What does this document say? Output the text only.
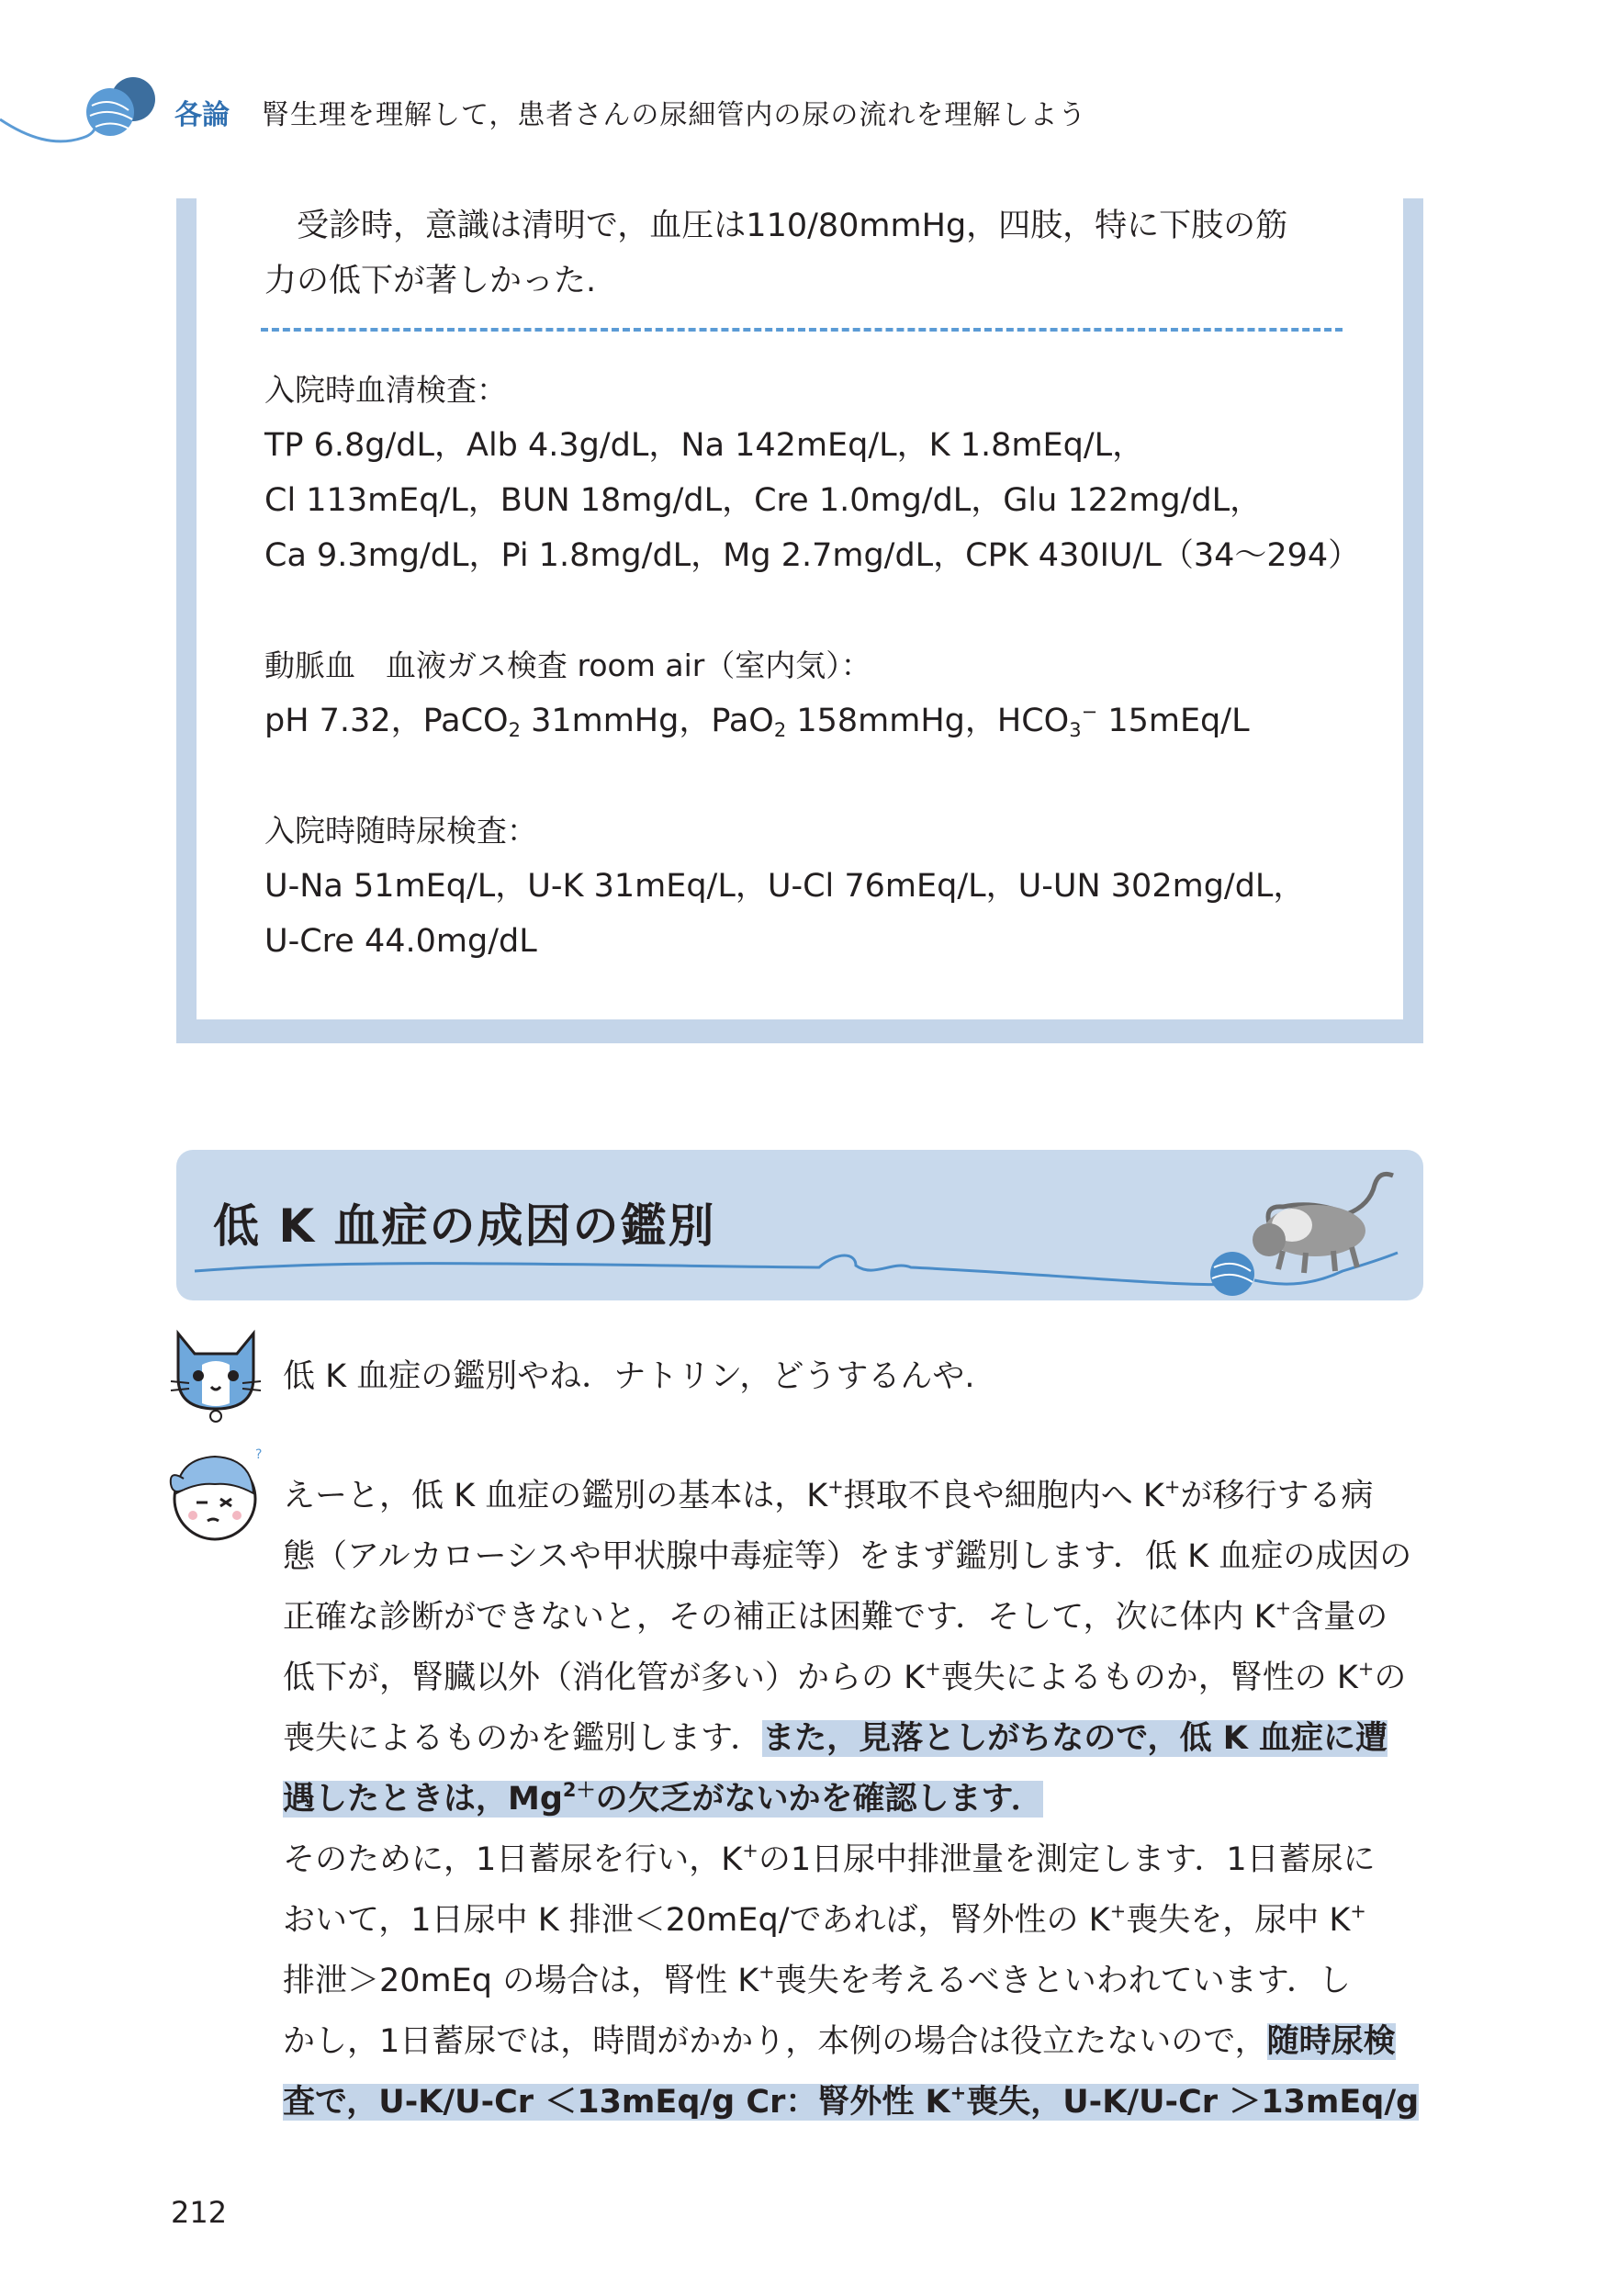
各論 腎生理を理解して，患者さんの尿細管内の尿の流れを理解しよう
　受診時，意識は清明で，血圧は110/80mmHg，四肢，特に下肢の筋
力の低下が著しかった.
入院時血清検査：
TP 6.8g/dL，Alb 4.3g/dL，Na 142mEq/L，K 1.8mEq/L，
Cl 113mEq/L，BUN 18mg/dL，Cre 1.0mg/dL，Glu 122mg/dL，
Ca 9.3mg/dL，Pi 1.8mg/dL，Mg 2.7mg/dL，CPK 430IU/L（34～294）
動脈血　血液ガス検査 room air（室内気）：
pH 7.32，PaCO$_2$ 31mmHg，PaO$_2$ 158mmHg，$HCO_3^-$ 15mEq/L
入院時随時尿検査：
U-Na 51mEq/L，U-K 31mEq/L，U-Cl 76mEq/L，U-UN 302mg/dL，
U-Cre 44.0mg/dL
低 K 血症の成因の鑑別
低 K 血症の鑑別やね．ナトリン，どうするんや.
?
えーと，低 K 血症の鑑別の基本は，K+摂取不良や細胞内へ K+が移行する病
態（アルカローシスや甲状腺中毒症等）をまず鑑別します．低 K 血症の成因の
正確な診断ができないと，その補正は困難です．そして，次に体内 K+含量の
低下が，腎臓以外（消化管が多い）からの K+喪失によるものか，腎性の K+の
喪失によるものかを鑑別します．また，見落としがちなので，低 K 血症に遭
遇したときは，$Mg^{2+}$の欠乏がないかを確認します．
そのために，1日蓄尿を行い，K+の1日尿中排泄量を測定します．1日蓄尿に
おいて，1日尿中 K 排泄＜20mEq/であれば，腎外性の K+喪失を，尿中 K+
排泄＞20mEq の場合は，腎性 K+喪失を考えるべきといわれています．し
かし，1日蓄尿では，時間がかかり，本例の場合は役立たないので，随時尿検
査で，U-K/U-Cr ＜13mEq/g Cr：腎外性 K+喪失，U-K/U-Cr ＞13mEq/g
212
